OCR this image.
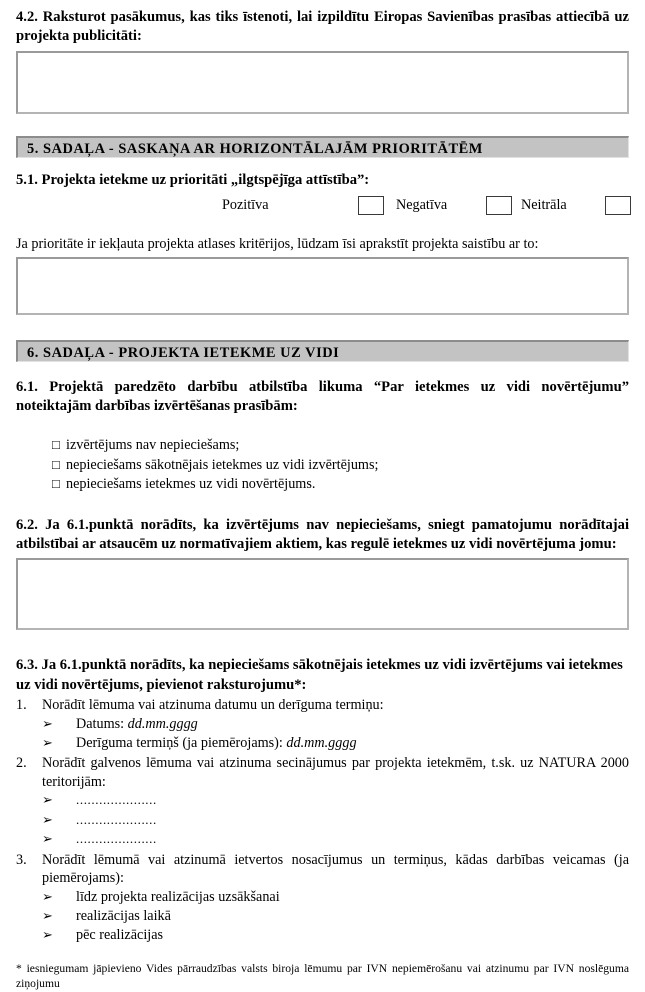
4.2. Raksturot pasākumus, kas tiks īstenoti, lai izpildītu Eiropas Savienības prasības attiecībā uz projekta publicitāti:
5. SADAĻA - SASKAŅA AR HORIZONTĀLAJĀM PRIORITĀTĒM
5.1. Projekta ietekme uz prioritāti „ilgtspējīga attīstība”:
Pozitīva	Negatīva	Neitrāla
Ja prioritāte ir iekļauta projekta atlases kritērijos, lūdzam īsi aprakstīt projekta saistību ar to:
6. SADAĻA - PROJEKTA IETEKME UZ VIDI
6.1. Projektā paredzēto darbību atbilstība likuma “Par ietekmes uz vidi novērtējumu” noteiktajām darbības izvērtēšanas prasībām:
□ izvērtējums nav nepieciešams;
□ nepieciešams sākotnējais ietekmes uz vidi izvērtējums;
□ nepieciešams ietekmes uz vidi novērtējums.
6.2. Ja 6.1.punktā norādīts, ka izvērtējums nav nepieciešams, sniegt pamatojumu norādītajai atbilstībai ar atsaucēm uz normatīvajiem aktiem, kas regulē ietekmes uz vidi novērtējuma jomu:
6.3. Ja 6.1.punktā norādīts, ka nepieciešams sākotnējais ietekmes uz vidi izvērtējums vai ietekmes uz vidi novērtējums, pievienot raksturojumu*:
1. Norādīt lēmuma vai atzinuma datumu un derīguma termiņu:
➢ Datums: dd.mm.gggg
➢ Derīguma termiņš (ja piemērojams): dd.mm.gggg
2. Norādīt galvenos lēmuma vai atzinuma secinājumus par projekta ietekmēm, t.sk. uz NATURA 2000 teritorijām:
➢ .....................
➢ .....................
➢ .....................
3. Norādīt lēmumā vai atzinumā ietvertos nosacījumus un termiņus, kādas darbības veicamas (ja piemērojams):
➢ līdz projekta realizācijas uzsākšanai
➢ realizācijas laikā
➢ pēc realizācijas
* iesniegumam jāpievieno Vides pārraudzības valsts biroja lēmumu par IVN nepiemērošanu vai atzinumu par IVN noslēguma ziņojumu
